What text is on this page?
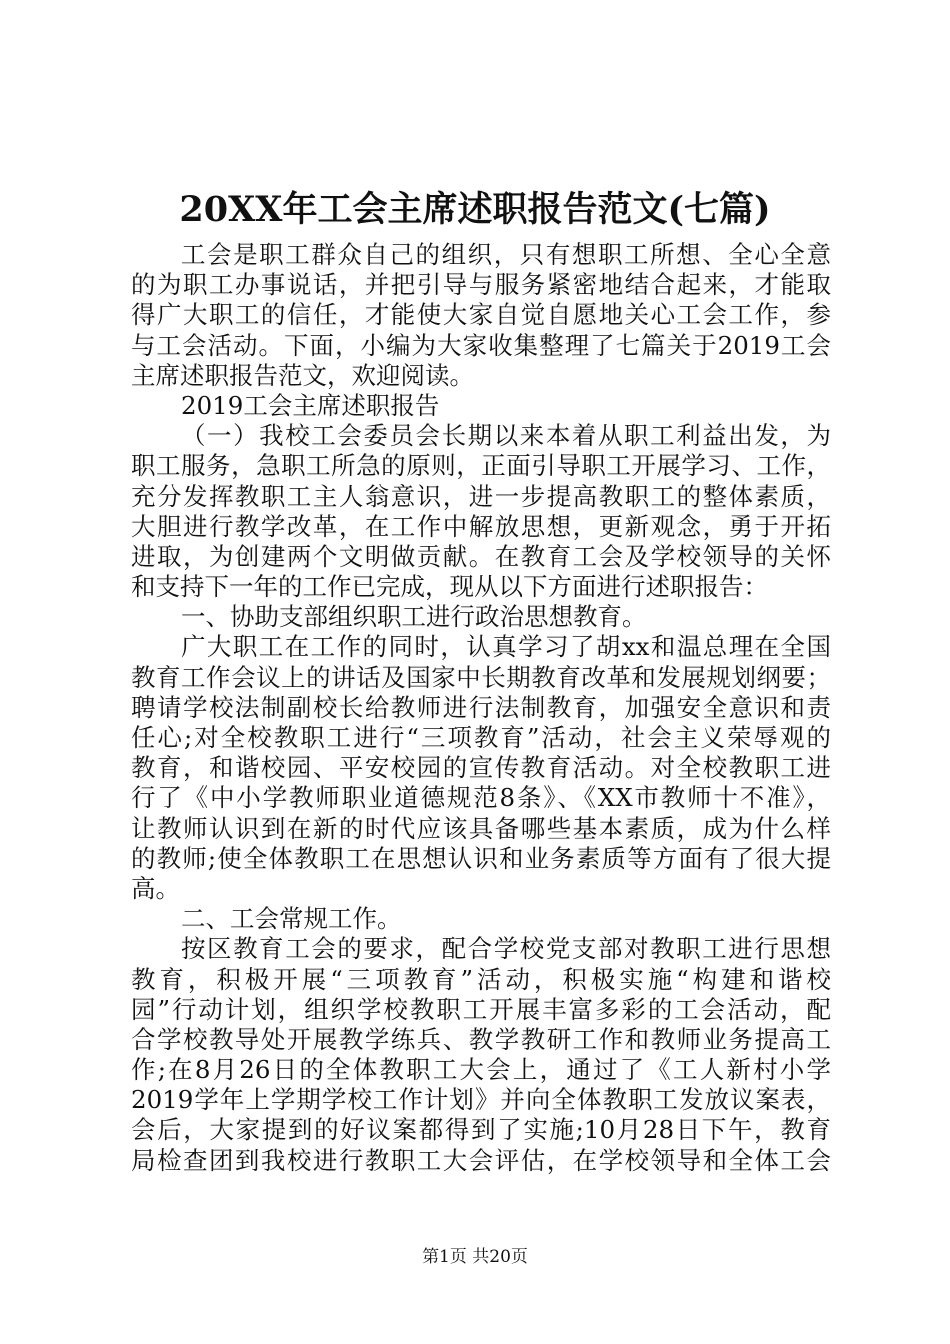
20XX年工会主席述职报告范文(七篇)
工会是职工群众自己的组织，只有想职工所想、全心全意
的为职工办事说话，并把引导与服务紧密地结合起来，才能取
得广大职工的信任，才能使大家自觉自愿地关心工会工作，参
与工会活动。下面，小编为大家收集整理了七篇关于2019工会
主席述职报告范文，欢迎阅读。
2019工会主席述职报告
（一）我校工会委员会长期以来本着从职工利益出发，为
职工服务，急职工所急的原则，正面引导职工开展学习、工作，
充分发挥教职工主人翁意识，进一步提高教职工的整体素质，
大胆进行教学改革，在工作中解放思想，更新观念，勇于开拓
进取，为创建两个文明做贡献。在教育工会及学校领导的关怀
和支持下一年的工作已完成，现从以下方面进行述职报告：
一、协助支部组织职工进行政治思想教育。
广大职工在工作的同时，认真学习了胡xx和温总理在全国
教育工作会议上的讲话及国家中长期教育改革和发展规划纲要；
聘请学校法制副校长给教师进行法制教育，加强安全意识和责
任心;对全校教职工进行“三项教育”活动，社会主义荣辱观的
教育，和谐校园、平安校园的宣传教育活动。对全校教职工进
行了《中小学教师职业道德规范8条》、《XX市教师十不准》，
让教师认识到在新的时代应该具备哪些基本素质，成为什么样
的教师;使全体教职工在思想认识和业务素质等方面有了很大提
高。
二、工会常规工作。
按区教育工会的要求，配合学校党支部对教职工进行思想
教育，积极开展“三项教育”活动，积极实施“构建和谐校
园”行动计划，组织学校教职工开展丰富多彩的工会活动，配
合学校教导处开展教学练兵、教学教研工作和教师业务提高工
作;在8月26日的全体教职工大会上，通过了《工人新村小学
2019学年上学期学校工作计划》并向全体教职工发放议案表，
会后，大家提到的好议案都得到了实施;10月28日下午，教育
局检查团到我校进行教职工大会评估，在学校领导和全体工会
第1页 共20页
